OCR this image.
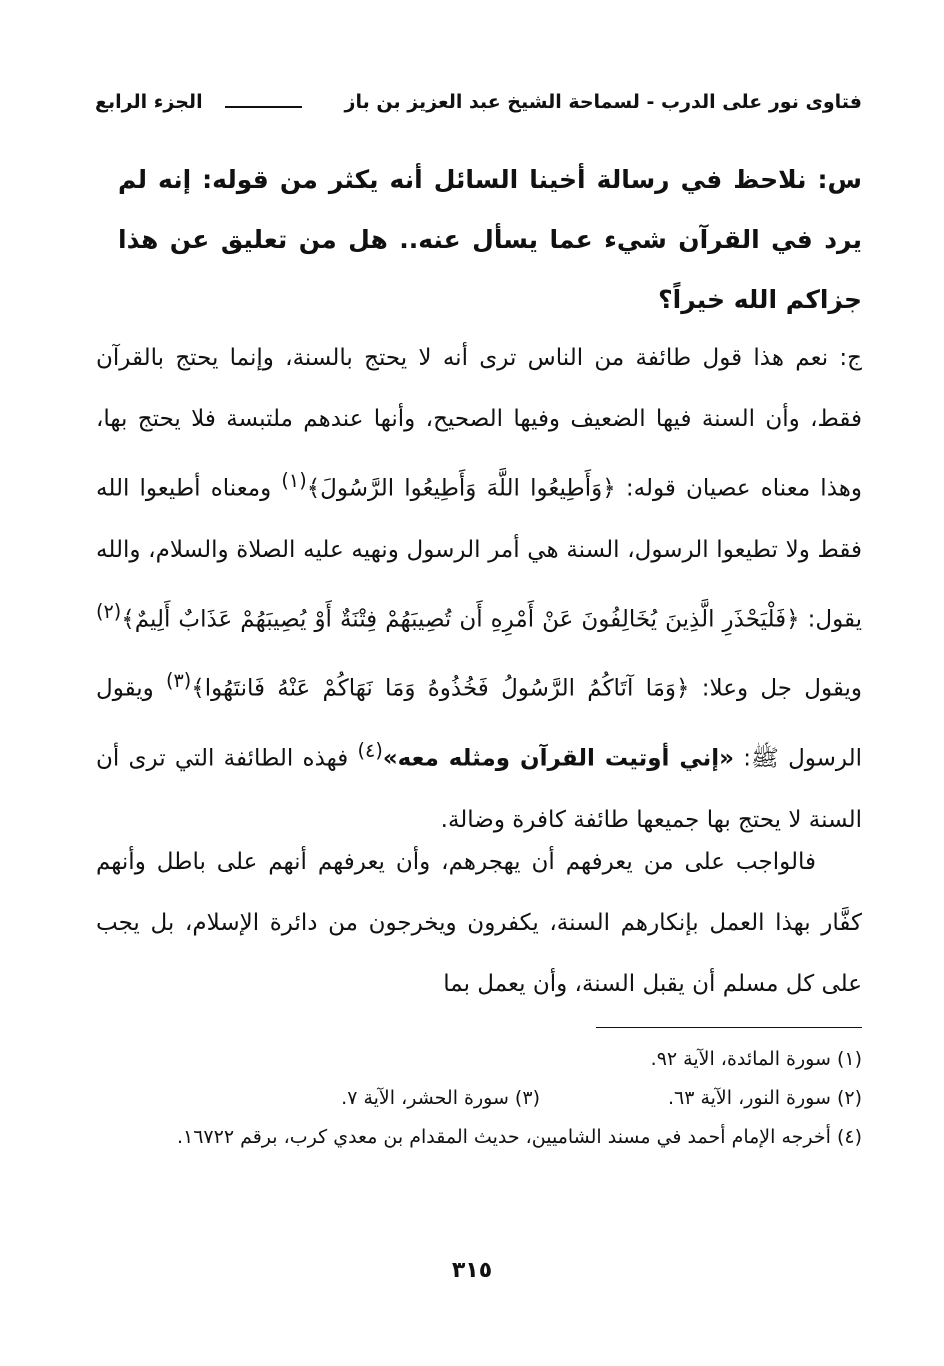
فتاوى نور على الدرب - لسماحة الشيخ عبد العزيز بن باز
الجزء الرابع
س: نلاحظ في رسالة أخينا السائل أنه يكثر من قوله: إنه لم يرد في القرآن شيء عما يسأل عنه.. هل من تعليق عن هذا جزاكم الله خيراً؟
ج: نعم هذا قول طائفة من الناس ترى أنه لا يحتج بالسنة، وإنما يحتج بالقرآن فقط، وأن السنة فيها الضعيف وفيها الصحيح، وأنها عندهم ملتبسة فلا يحتج بها، وهذا معناه عصيان قوله: ﴿وَأَطِيعُوا اللَّهَ وَأَطِيعُوا الرَّسُولَ﴾$^{(١)}$ ومعناه أطيعوا الله فقط ولا تطيعوا الرسول، السنة هي أمر الرسول ونهيه عليه الصلاة والسلام، والله يقول: ﴿فَلْيَحْذَرِ الَّذِينَ يُخَالِفُونَ عَنْ أَمْرِهِ أَن تُصِيبَهُمْ فِتْنَةٌ أَوْ يُصِيبَهُمْ عَذَابٌ أَلِيمٌ﴾$^{(٢)}$ ويقول جل وعلا: ﴿وَمَا آتَاكُمُ الرَّسُولُ فَخُذُوهُ وَمَا نَهَاكُمْ عَنْهُ فَانتَهُوا﴾$^{(٣)}$ ويقول الرسول ﷺ: «إني أوتيت القرآن ومثله معه»$^{(٤)}$ فهذه الطائفة التي ترى أن السنة لا يحتج بها جميعها طائفة كافرة وضالة.
فالواجب على من يعرفهم أن يهجرهم، وأن يعرفهم أنهم على باطل وأنهم كفَّار بهذا العمل بإنكارهم السنة، يكفرون ويخرجون من دائرة الإسلام، بل يجب على كل مسلم أن يقبل السنة، وأن يعمل بما
(١) سورة المائدة، الآية ٩٢.
(٢) سورة النور، الآية ٦٣.
(٣) سورة الحشر، الآية ٧.
(٤) أخرجه الإمام أحمد في مسند الشاميين، حديث المقدام بن معدي كرب، برقم ١٦٧٢٢.
٣١٥
